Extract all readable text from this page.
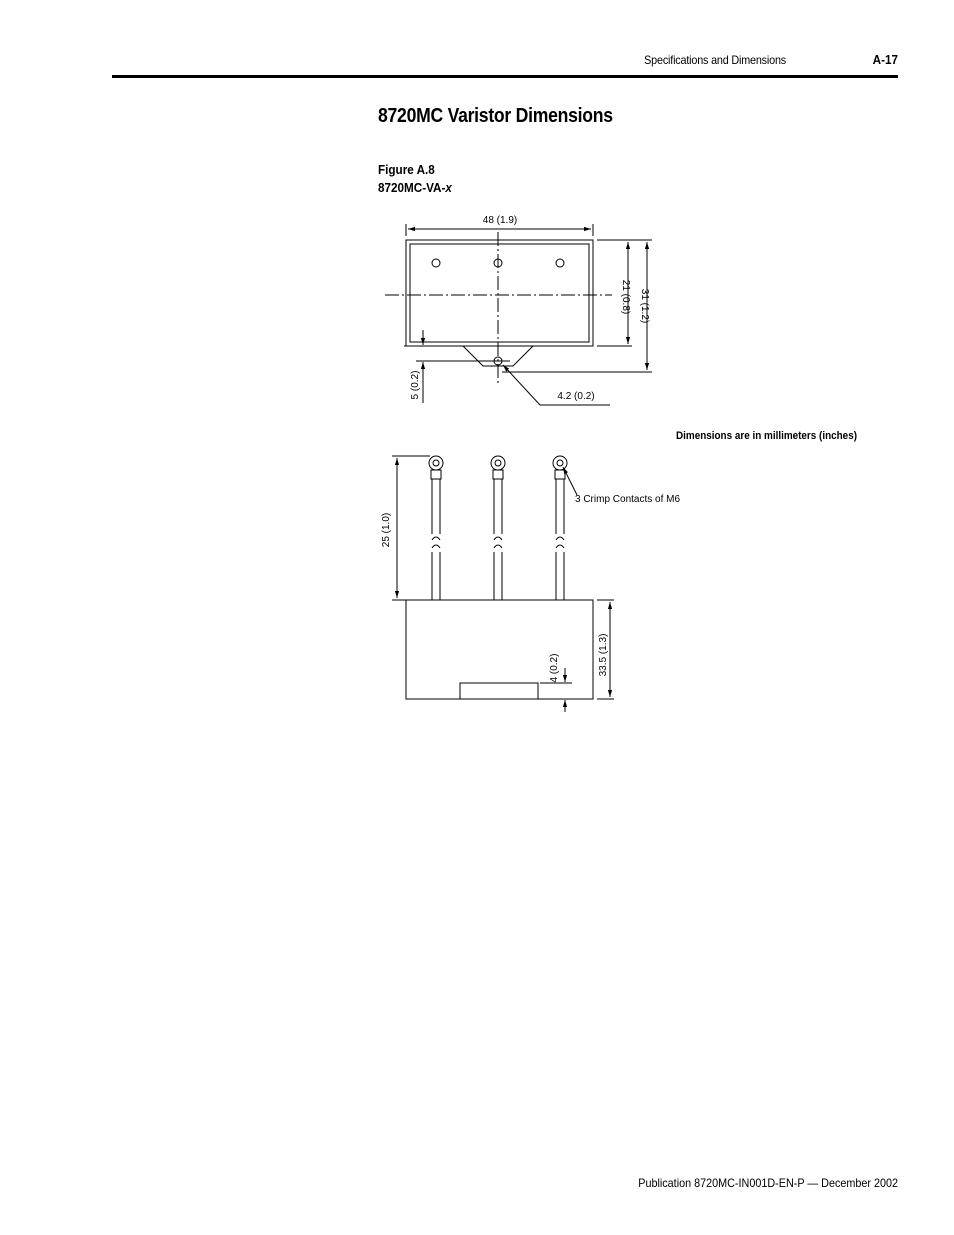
Specifications and Dimensions	A-17
8720MC Varistor Dimensions
Figure A.8
8720MC-VA-x
48 (1.9)
21 (0.8) 31 (1.2)
5 (0.2)	4.2 (0.2)
25 (1.0)
33.5 (1.3)
4 (0.2)
3 Crimp Contacts of M6
Dimensions are in millimeters (inches)
Publication 8720MC-IN001D-EN-P — December 2002
